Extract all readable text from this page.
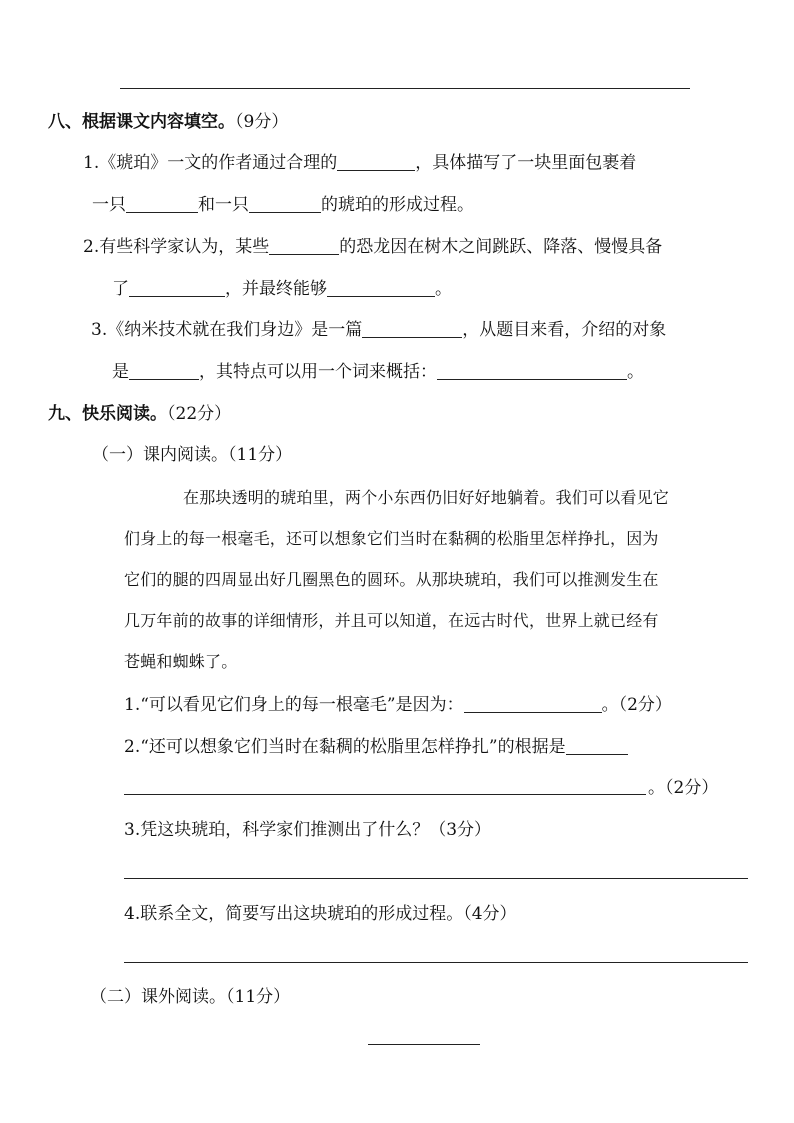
八、根据课文内容填空。（9分）
1.《琥珀》一文的作者通过合理的	，具体描写了一块里面包裹着
一只	和一只	的琥珀的形成过程。
2.有些科学家认为，某些	的恐龙因在树木之间跳跃、降落、慢慢具备
了	，并最终能够	。
3.《纳米技术就在我们身边》是一篇	，从题目来看，介绍的对象
是	，其特点可以用一个词来概括：	。
九、快乐阅读。（22分）
（一）课内阅读。（11分）
在那块透明的琥珀里，两个小东西仍旧好好地躺着。我们可以看见它
们身上的每一根毫毛，还可以想象它们当时在黏稠的松脂里怎样挣扎，因为
它们的腿的四周显出好几圈黑色的圆环。从那块琥珀，我们可以推测发生在
几万年前的故事的详细情形，并且可以知道，在远古时代，世界上就已经有
苍蝇和蜘蛛了。
1.“可以看见它们身上的每一根毫毛”是因为：	。（2分）
2.“还可以想象它们当时在黏稠的松脂里怎样挣扎”的根据是
。（2分）
3.凭这块琥珀，科学家们推测出了什么？（3分）
4.联系全文，简要写出这块琥珀的形成过程。（4分）
（二）课外阅读。（11分）
